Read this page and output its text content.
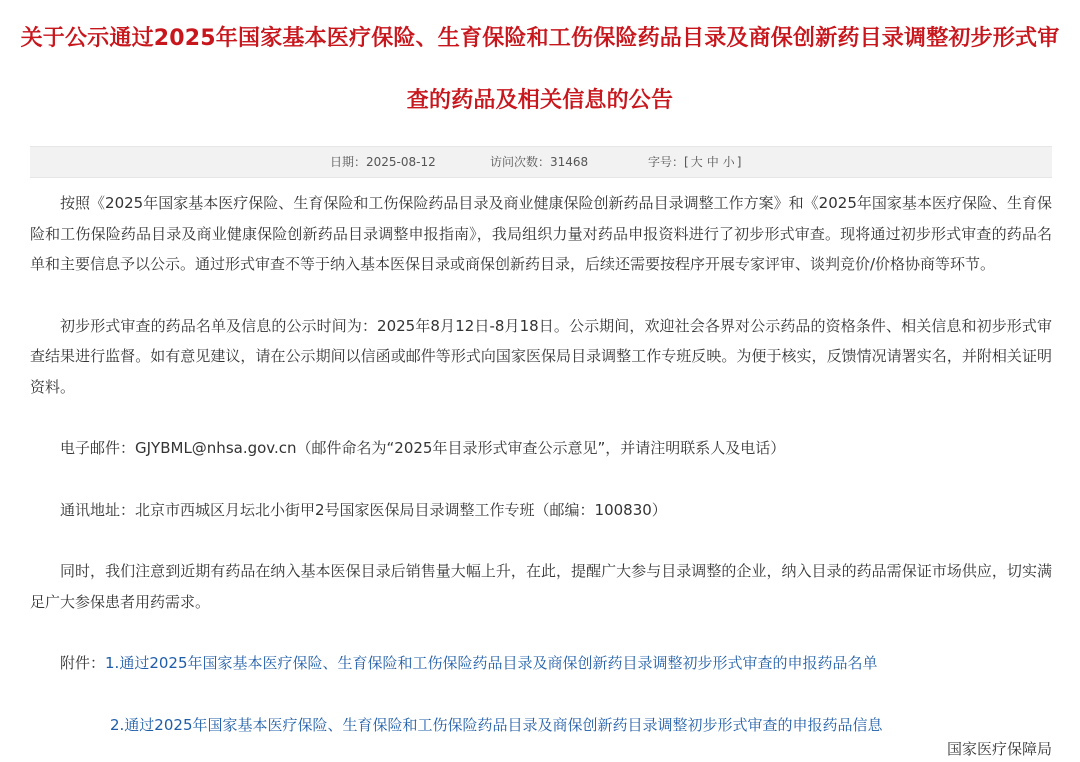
关于公示通过2025年国家基本医疗保险、生育保险和工伤保险药品目录及商保创新药目录调整初步形式审查的药品及相关信息的公告
日期：2025-08-12	访问次数：31468	字号：[ 大 中 小 ]

按照《2025年国家基本医疗保险、生育保险和工伤保险药品目录及商业健康保险创新药品目录调整工作方案》和《2025年国家基本医疗保险、生育保险和工伤保险药品目录及商业健康保险创新药品目录调整申报指南》，我局组织力量对药品申报资料进行了初步形式审查。现将通过初步形式审查的药品名单和主要信息予以公示。通过形式审查不等于纳入基本医保目录或商保创新药目录，后续还需要按程序开展专家评审、谈判竞价/价格协商等环节。

初步形式审查的药品名单及信息的公示时间为：2025年8月12日-8月18日。公示期间，欢迎社会各界对公示药品的资格条件、相关信息和初步形式审查结果进行监督。如有意见建议，请在公示期间以信函或邮件等形式向国家医保局目录调整工作专班反映。为便于核实，反馈情况请署实名，并附相关证明资料。

电子邮件：GJYBML@nhsa.gov.cn（邮件命名为“2025年目录形式审查公示意见”，并请注明联系人及电话）

通讯地址：北京市西城区月坛北小街甲2号国家医保局目录调整工作专班（邮编：100830）

同时，我们注意到近期有药品在纳入基本医保目录后销售量大幅上升，在此，提醒广大参与目录调整的企业，纳入目录的药品需保证市场供应，切实满足广大参保患者用药需求。

附件：1.通过2025年国家基本医疗保险、生育保险和工伤保险药品目录及商保创新药目录调整初步形式审查的申报药品名单

2.通过2025年国家基本医疗保险、生育保险和工伤保险药品目录及商保创新药目录调整初步形式审查的申报药品信息

国家医疗保障局
